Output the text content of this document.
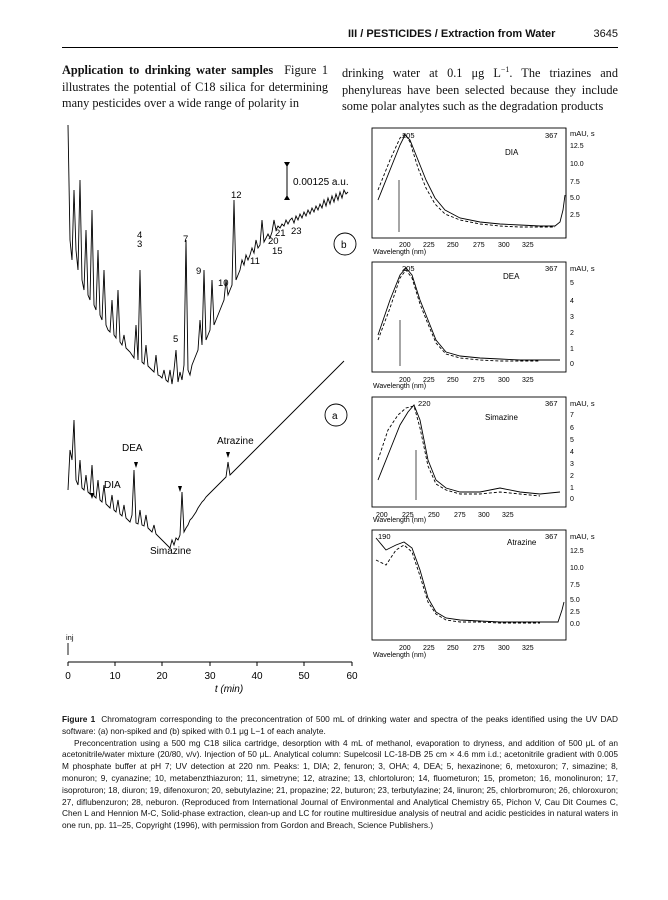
III / PESTICIDES / Extraction from Water	3645
Application to drinking water samples Figure 1 illustrates the potential of C18 silica for determining many pesticides over a wide range of polarity in
drinking water at 0.1 μg $L^{-1}$. The triazines and phenylureas have been selected because they include some polar analytes such as the degradation products
0.00125 a.u.
4
3	7
12
9
11
10
15
20
21 23
5
b
a
DEA
DIA
Atrazine
Simazine
inj
0	10	20	30	40	50	60
t (min)
205	367
DIA
mAU, s
12.5
10.0
7.5
5.0
2.5
200 225 250 275 300 325
Wavelength (nm)
205	367
DEA
mAU, s
5
4
3
2
1
0
200 225 250 275 300 325
Wavelength (nm)
220	367
Simazine
mAU, s
7
6
5
4
3
2
1
0
200 225 250 275 300 325
Wavelength (nm)
190	367
Atrazine
mAU, s
12.5
10.0
7.5
5.0
2.5
0.0
200 225 250 275 300 325
Wavelength (nm)

Figure 1 Chromatogram corresponding to the preconcentration of 500 mL of drinking water and spectra of the peaks identified using the UV DAD software: (a) non-spiked and (b) spiked with 0.1 μg L−1 of each analyte.

Preconcentration using a 500 mg C18 silica cartridge, desorption with 4 mL of methanol, evaporation to dryness, and addition of 500 μL of an acetonitrile/water mixture (20/80, v/v). Injection of 50 μL. Analytical column: Supelcosil LC-18-DB 25 cm × 4.6 mm i.d.; acetonitrile gradient with 0.005 M phosphate buffer at pH 7; UV detection at 220 nm. Peaks: 1, DIA; 2, fenuron; 3, OHA; 4, DEA; 5, hexazinone; 6, metoxuron; 7, simazine; 8, monuron; 9, cyanazine; 10, metabenzthiazuron; 11, simetryne; 12, atrazine; 13, chlortoluron; 14, fluometuron; 15, prometon; 16, monolinuron; 17, isoproturon; 18, diuron; 19, difenoxuron; 20, sebutylazine; 21, propazine; 22, buturon; 23, terbutylazine; 24, linuron; 25, chlorbromuron; 26, chloroxuron; 27, diflubenzuron; 28, neburon. (Reproduced from International Journal of Environmental and Analytical Chemistry 65, Pichon V, Cau Dit Coumes C, Chen L and Hennion M-C, Solid-phase extraction, clean-up and LC for routine multiresidue analysis of neutral and acidic pesticides in natural waters in one run, pp. 11–25, Copyright (1996), with permission from Gordon and Breach, Science Publishers.)
